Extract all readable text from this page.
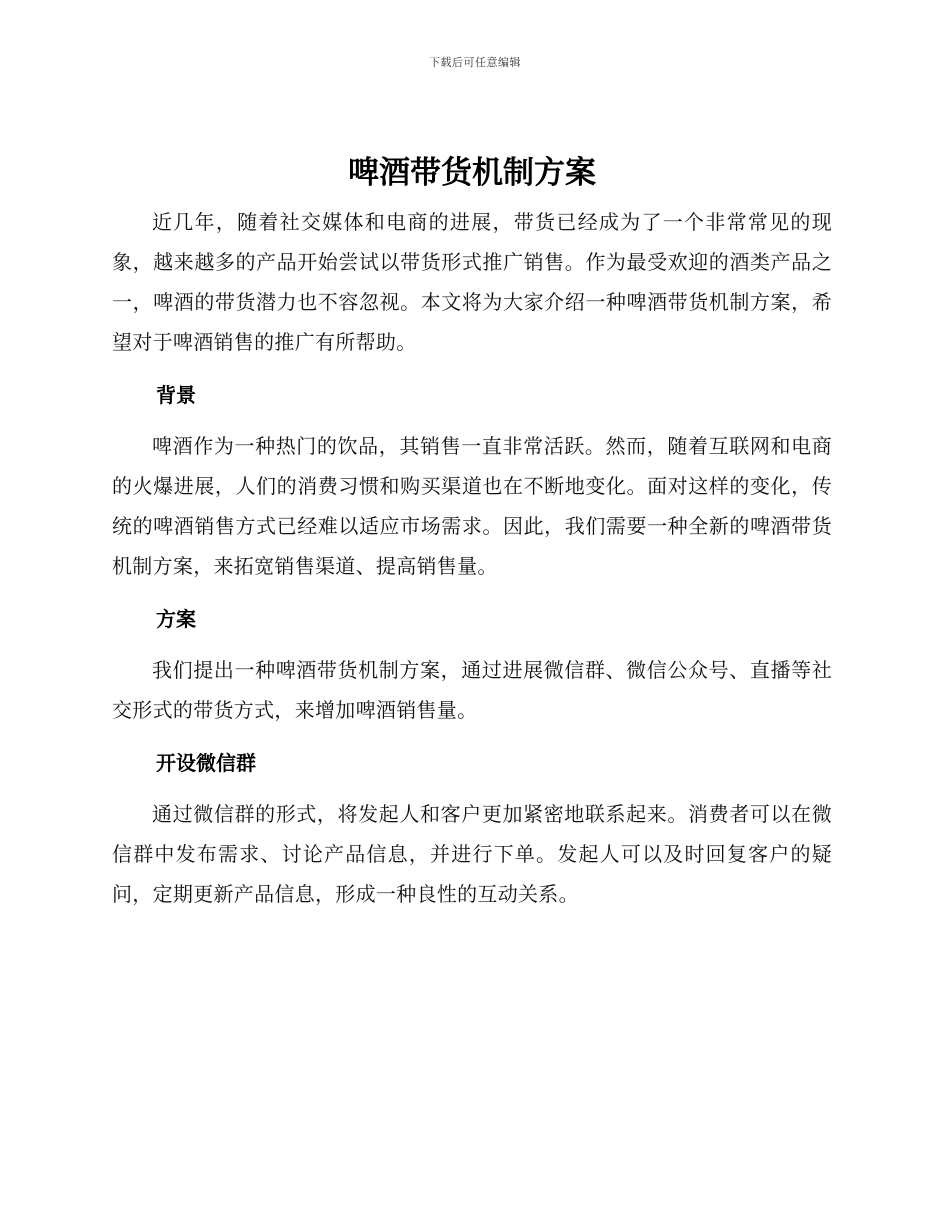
下载后可任意编辑
啤酒带货机制方案

近几年，随着社交媒体和电商的进展，带货已经成为了一个非常常见的现象，越来越多的产品开始尝试以带货形式推广销售。作为最受欢迎的酒类产品之一，啤酒的带货潜力也不容忽视。本文将为大家介绍一种啤酒带货机制方案，希望对于啤酒销售的推广有所帮助。

背景

啤酒作为一种热门的饮品，其销售一直非常活跃。然而，随着互联网和电商的火爆进展，人们的消费习惯和购买渠道也在不断地变化。面对这样的变化，传统的啤酒销售方式已经难以适应市场需求。因此，我们需要一种全新的啤酒带货机制方案，来拓宽销售渠道、提高销售量。

方案

我们提出一种啤酒带货机制方案，通过进展微信群、微信公众号、直播等社交形式的带货方式，来增加啤酒销售量。

开设微信群

通过微信群的形式，将发起人和客户更加紧密地联系起来。消费者可以在微信群中发布需求、讨论产品信息，并进行下单。发起人可以及时回复客户的疑问，定期更新产品信息，形成一种良性的互动关系。
